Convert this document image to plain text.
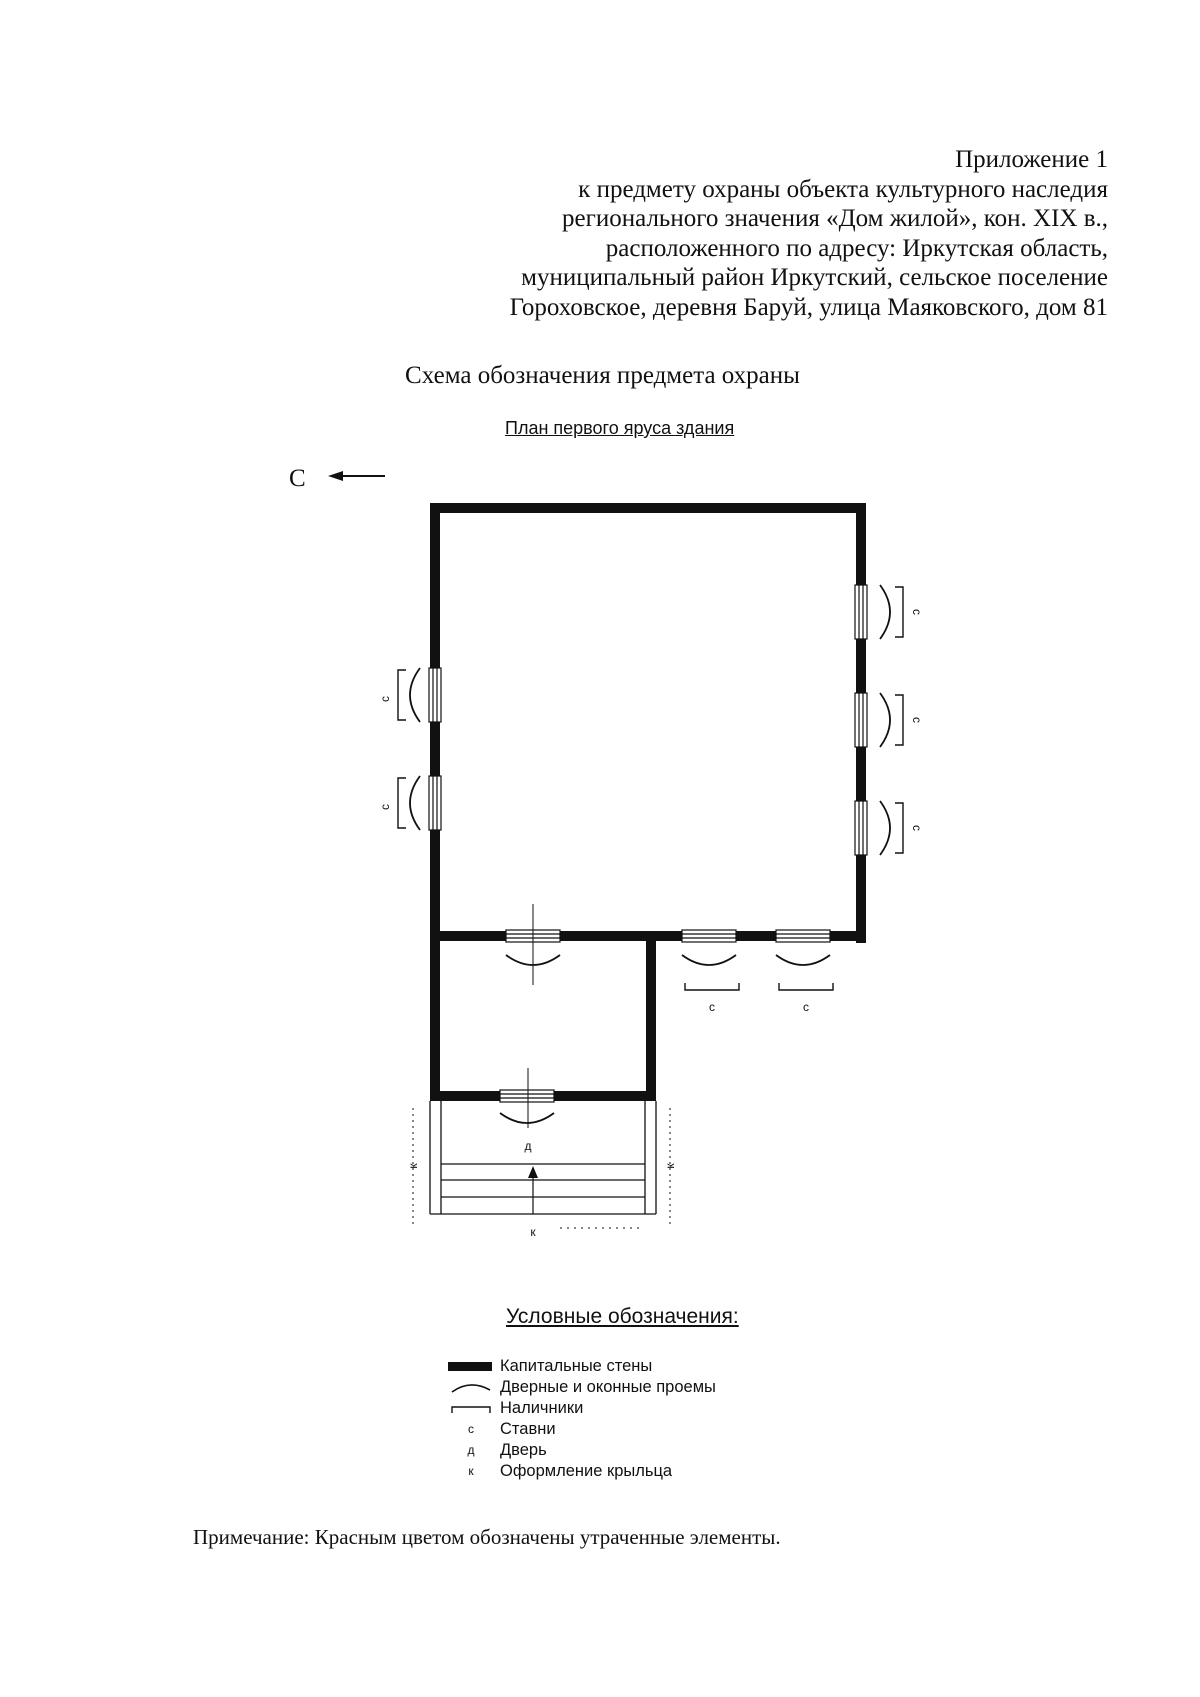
Приложение 1
к предмету охраны объекта культурного наследия
регионального значения «Дом жилой», кон. XIX в.,
расположенного по адресу: Иркутская область,
муниципальный район Иркутский, сельское поселение
Гороховское, деревня Баруй, улица Маяковского, дом 81
Схема обозначения предмета охраны
План первого яруса здания
С
с
с
с
с
с
с	с
д
к	к
к
Условные обозначения:
Капитальные стены
Дверные и оконные проемы
Наличники
с	Ставни
д	Дверь
к	Оформление крыльца
Примечание: Красным цветом обозначены утраченные элементы.
